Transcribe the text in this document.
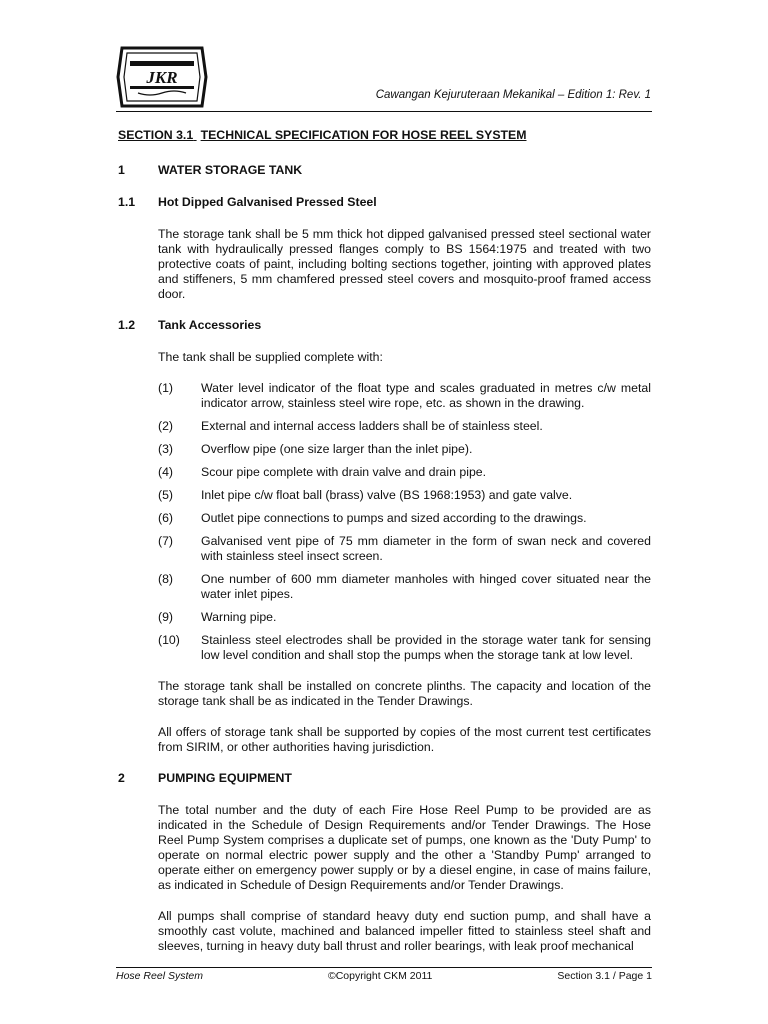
JKR
Cawangan Kejuruteraan Mekanikal – Edition 1: Rev. 1
SECTION 3.1 TECHNICAL SPECIFICATION FOR HOSE REEL SYSTEM
1	WATER STORAGE TANK
1.1	Hot Dipped Galvanised Pressed Steel

The storage tank shall be 5 mm thick hot dipped galvanised pressed steel sectional water tank with hydraulically pressed flanges comply to BS 1564:1975 and treated with two protective coats of paint, including bolting sections together, jointing with approved plates and stiffeners, 5 mm chamfered pressed steel covers and mosquito-proof framed access door.

1.2	Tank Accessories

The tank shall be supplied complete with:

(1)	Water level indicator of the float type and scales graduated in metres c/w metal indicator arrow, stainless steel wire rope, etc. as shown in the drawing.
(2)	External and internal access ladders shall be of stainless steel.
(3)	Overflow pipe (one size larger than the inlet pipe).
(4)	Scour pipe complete with drain valve and drain pipe.
(5)	Inlet pipe c/w float ball (brass) valve (BS 1968:1953) and gate valve.
(6)	Outlet pipe connections to pumps and sized according to the drawings.
(7)	Galvanised vent pipe of 75 mm diameter in the form of swan neck and covered with stainless steel insect screen.
(8)	One number of 600 mm diameter manholes with hinged cover situated near the water inlet pipes.
(9)	Warning pipe.
(10)	Stainless steel electrodes shall be provided in the storage water tank for sensing low level condition and shall stop the pumps when the storage tank at low level.

The storage tank shall be installed on concrete plinths. The capacity and location of the storage tank shall be as indicated in the Tender Drawings.

All offers of storage tank shall be supported by copies of the most current test certificates from SIRIM, or other authorities having jurisdiction.

2	PUMPING EQUIPMENT

The total number and the duty of each Fire Hose Reel Pump to be provided are as indicated in the Schedule of Design Requirements and/or Tender Drawings. The Hose Reel Pump System comprises a duplicate set of pumps, one known as the 'Duty Pump' to operate on normal electric power supply and the other a 'Standby Pump' arranged to operate either on emergency power supply or by a diesel engine, in case of mains failure, as indicated in Schedule of Design Requirements and/or Tender Drawings.

All pumps shall comprise of standard heavy duty end suction pump, and shall have a smoothly cast volute, machined and balanced impeller fitted to stainless steel shaft and sleeves, turning in heavy duty ball thrust and roller bearings, with leak proof mechanical

Hose Reel System	©Copyright CKM 2011	Section 3.1 / Page 1
